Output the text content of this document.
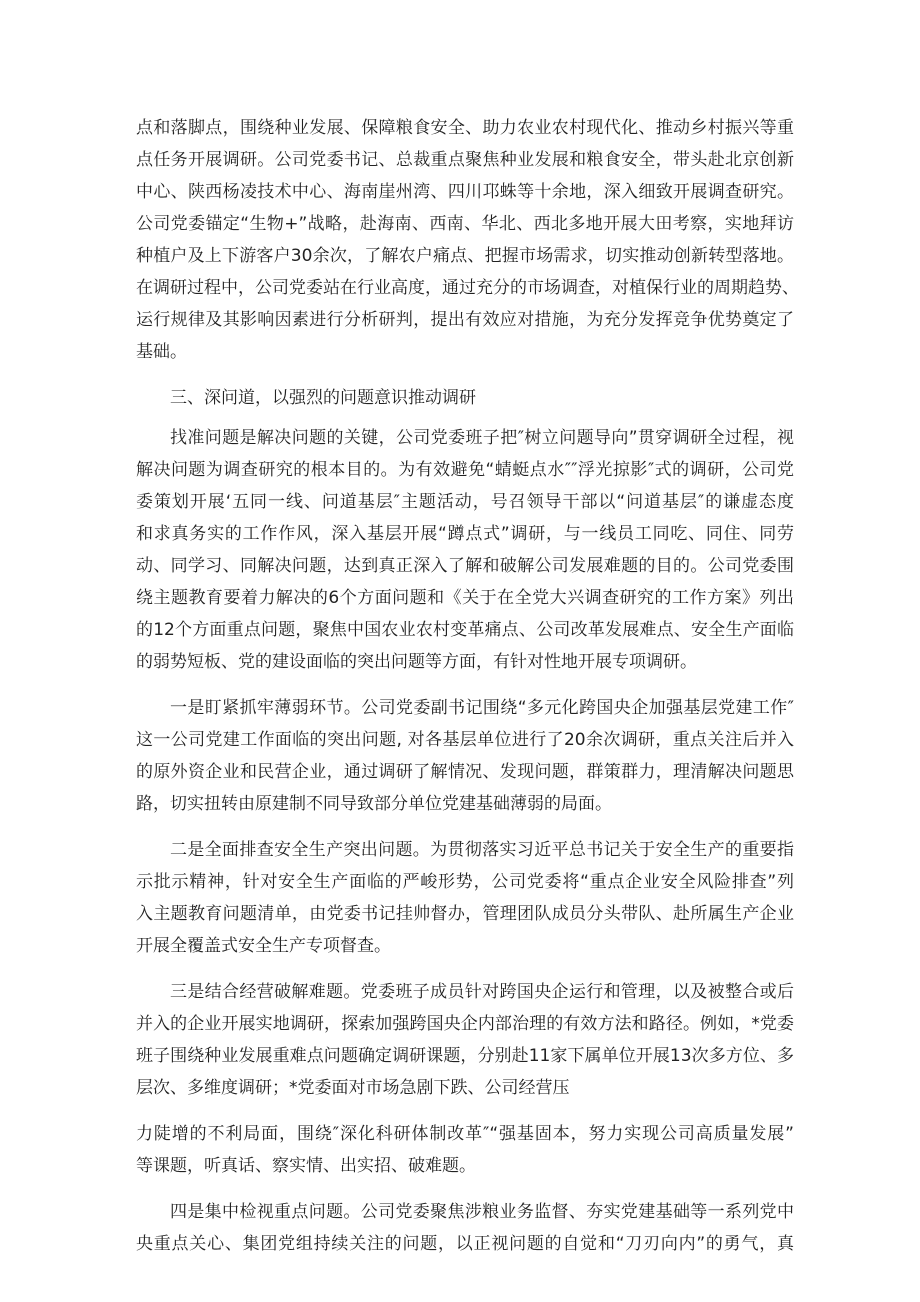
点和落脚点，围绕种业发展、保障粮食安全、助力农业农村现代化、推动乡村振兴等重
点任务开展调研。公司党委书记、总裁重点聚焦种业发展和粮食安全，带头赴北京创新
中心、陕西杨凌技术中心、海南崖州湾、四川邛蛛等十余地，深入细致开展调查研究。
公司党委锚定“生物+”战略，赴海南、西南、华北、西北多地开展大田考察，实地拜访
种植户及上下游客户30余次，了解农户痛点、把握市场需求，切实推动创新转型落地。
在调研过程中，公司党委站在行业高度，通过充分的市场调查，对植保行业的周期趋势、
运行规律及其影响因素进行分析研判，提出有效应对措施，为充分发挥竞争优势奠定了
基础。
三、深问道，以强烈的问题意识推动调研
找准问题是解决问题的关键，公司党委班子把″树立问题导向”贯穿调研全过程，视
解决问题为调查研究的根本目的。为有效避免“蜻蜓点水″″浮光掠影″式的调研，公司党
委策划开展‘五同一线、问道基层″主题活动，号召领导干部以“问道基层″的谦虚态度
和求真务实的工作作风，深入基层开展“蹲点式”调研，与一线员工同吃、同住、同劳
动、同学习、同解决问题，达到真正深入了解和破解公司发展难题的目的。公司党委围
绕主题教育要着力解决的6个方面问题和《关于在全党大兴调查研究的工作方案》列出
的12个方面重点问题，聚焦中国农业农村变革痛点、公司改革发展难点、安全生产面临
的弱势短板、党的建设面临的突出问题等方面，有针对性地开展专项调研。
一是盯紧抓牢薄弱环节。公司党委副书记围绕“多元化跨国央企加强基层党建工作″
这一公司党建工作面临的突出问题, 对各基层单位进行了20余次调研，重点关注后并入
的原外资企业和民营企业，通过调研了解情况、发现问题，群策群力，理清解决问题思
路，切实扭转由原建制不同导致部分单位党建基础薄弱的局面。
二是全面排查安全生产突出问题。为贯彻落实习近平总书记关于安全生产的重要指
示批示精神，针对安全生产面临的严峻形势，公司党委将“重点企业安全风险排查”列
入主题教育问题清单，由党委书记挂帅督办，管理团队成员分头带队、赴所属生产企业
开展全覆盖式安全生产专项督查。
三是结合经营破解难题。党委班子成员针对跨国央企运行和管理，以及被整合或后
并入的企业开展实地调研，探索加强跨国央企内部治理的有效方法和路径。例如，*党委
班子围绕种业发展重难点问题确定调研课题，分别赴11家下属单位开展13次多方位、多
层次、多维度调研；*党委面对市场急剧下跌、公司经营压
力陡增的不利局面，围绕″深化科研体制改革″“强基固本，努力实现公司高质量发展”
等课题，听真话、察实情、出实招、破难题。
四是集中检视重点问题。公司党委聚焦涉粮业务监督、夯实党建基础等一系列党中
央重点关心、集团党组持续关注的问题，以正视问题的自觉和“刀刃向内”的勇气，真
